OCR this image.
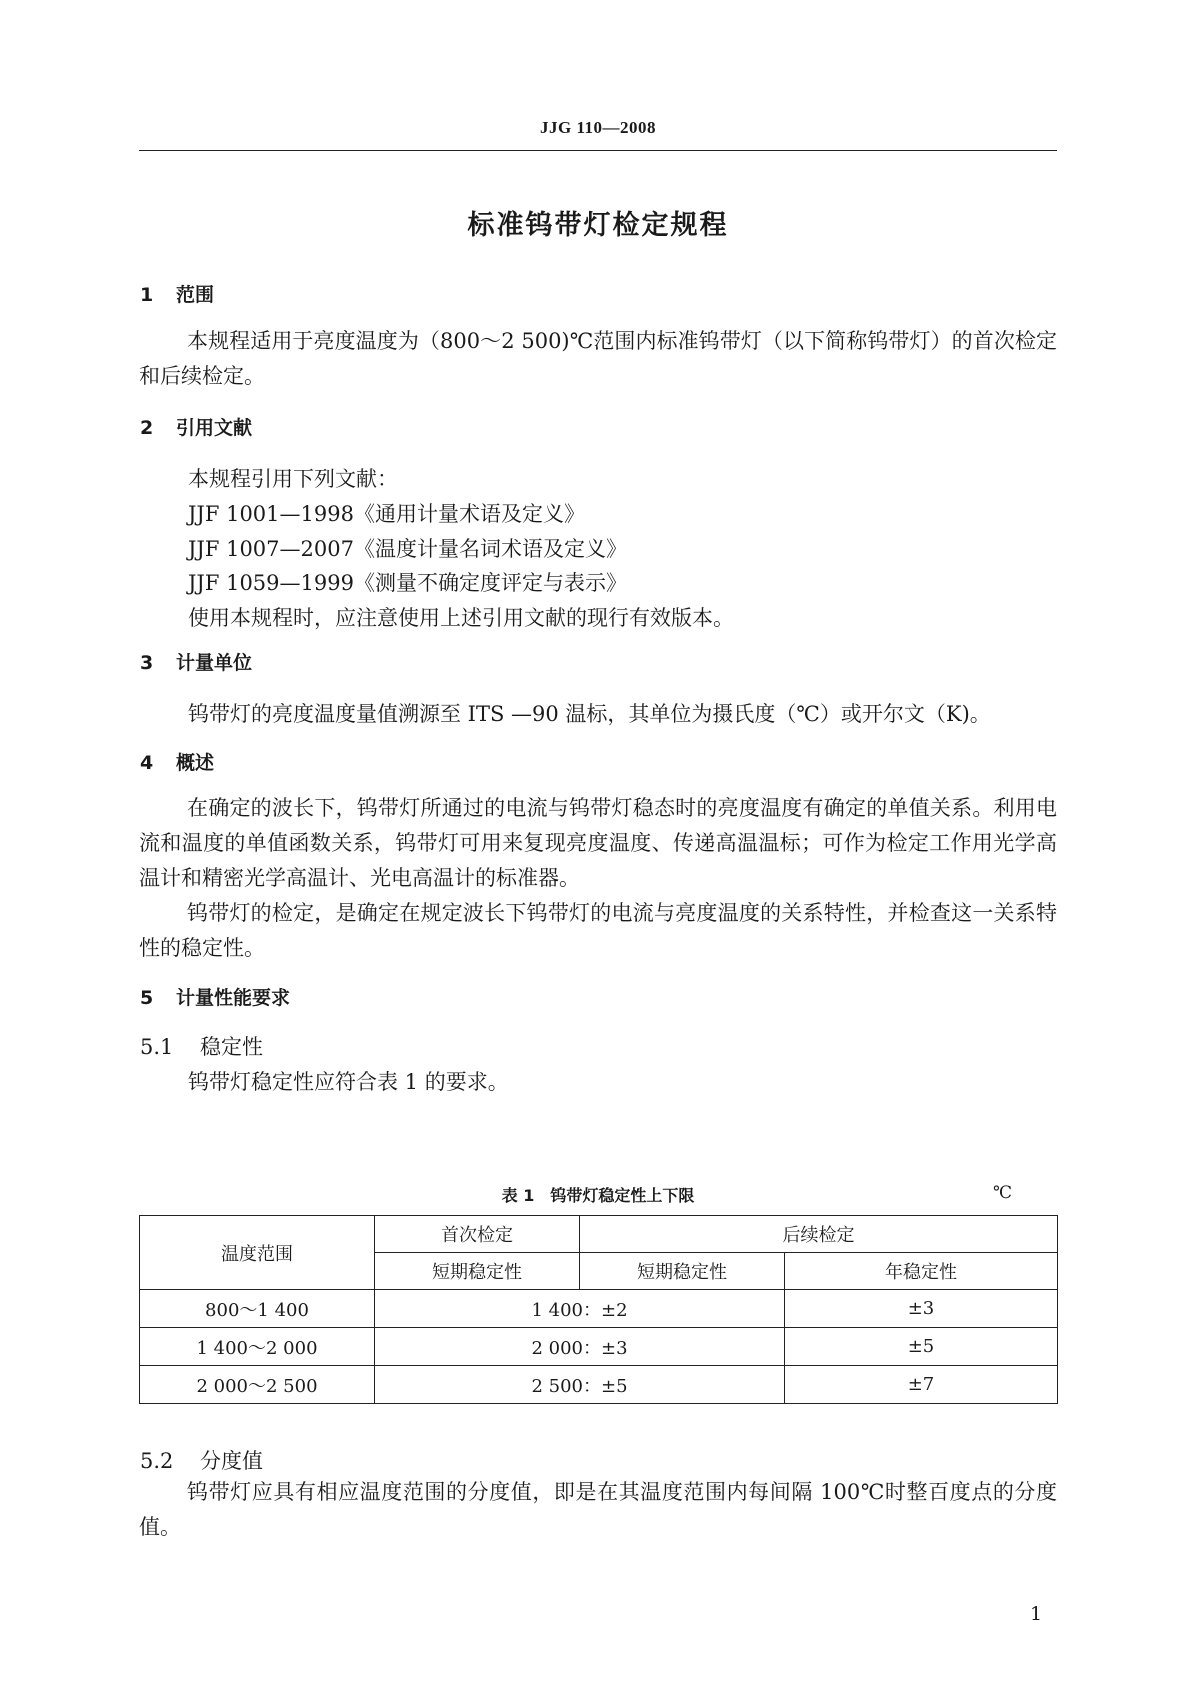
JJG 110—2008
标准钨带灯检定规程
1 范围
本规程适用于亮度温度为（800～2 500)℃范围内标准钨带灯（以下简称钨带灯）的首次检定和后续检定。
2 引用文献
本规程引用下列文献：
JJF 1001—1998《通用计量术语及定义》
JJF 1007—2007《温度计量名词术语及定义》
JJF 1059—1999《测量不确定度评定与表示》
使用本规程时，应注意使用上述引用文献的现行有效版本。
3 计量单位
钨带灯的亮度温度量值溯源至 ITS —90 温标，其单位为摄氏度（℃）或开尔文（K)。
4 概述
在确定的波长下，钨带灯所通过的电流与钨带灯稳态时的亮度温度有确定的单值关系。利用电流和温度的单值函数关系，钨带灯可用来复现亮度温度、传递高温温标；可作为检定工作用光学高温计和精密光学高温计、光电高温计的标准器。
钨带灯的检定，是确定在规定波长下钨带灯的电流与亮度温度的关系特性，并检查这一关系特性的稳定性。
5 计量性能要求
5.1 稳定性
钨带灯稳定性应符合表 1 的要求。
表 1　钨带灯稳定性上下限	℃
温度范围	首次检定	后续检定	
	短期稳定性	短期稳定性	年稳定性
800～1 400	1 400：±2		±3
1 400～2 000	2 000：±3		±5
2 000～2 500	2 500：±5		±7
5.2 分度值
钨带灯应具有相应温度范围的分度值，即是在其温度范围内每间隔 100℃时整百度点的分度值。
1
